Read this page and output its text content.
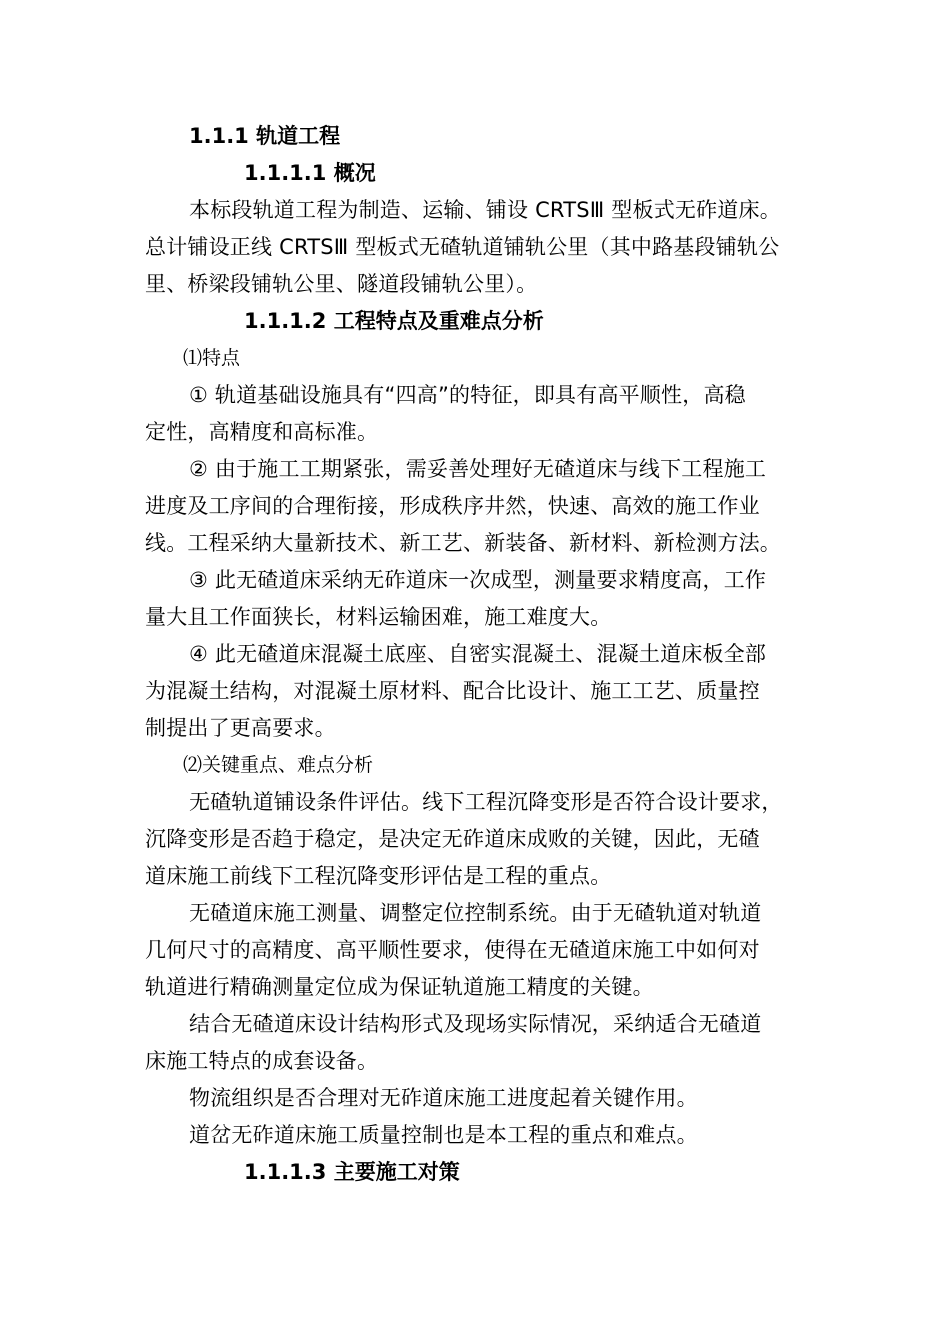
1.1.1 轨道工程
1.1.1.1 概况
本标段轨道工程为制造、运输、铺设 CRTSⅢ 型板式无砟道床。
总计铺设正线 CRTSⅢ 型板式无碴轨道铺轨公里（其中路基段铺轨公
里、桥梁段铺轨公里、隧道段铺轨公里）。
1.1.1.2 工程特点及重难点分析
⑴特点
① 轨道基础设施具有“四高”的特征，即具有高平顺性，高稳
定性，高精度和高标准。
② 由于施工工期紧张，需妥善处理好无碴道床与线下工程施工
进度及工序间的合理衔接，形成秩序井然，快速、高效的施工作业
线。工程采纳大量新技术、新工艺、新装备、新材料、新检测方法。
③ 此无碴道床采纳无砟道床一次成型，测量要求精度高，工作
量大且工作面狭长，材料运输困难，施工难度大。
④ 此无碴道床混凝土底座、自密实混凝土、混凝土道床板全部
为混凝土结构，对混凝土原材料、配合比设计、施工工艺、质量控
制提出了更高要求。
⑵关键重点、难点分析
无碴轨道铺设条件评估。线下工程沉降变形是否符合设计要求，
沉降变形是否趋于稳定，是决定无砟道床成败的关键，因此，无碴
道床施工前线下工程沉降变形评估是工程的重点。
无碴道床施工测量、调整定位控制系统。由于无碴轨道对轨道
几何尺寸的高精度、高平顺性要求，使得在无碴道床施工中如何对
轨道进行精确测量定位成为保证轨道施工精度的关键。
结合无碴道床设计结构形式及现场实际情况，采纳适合无碴道
床施工特点的成套设备。
物流组织是否合理对无砟道床施工进度起着关键作用。
道岔无砟道床施工质量控制也是本工程的重点和难点。
1.1.1.3 主要施工对策
